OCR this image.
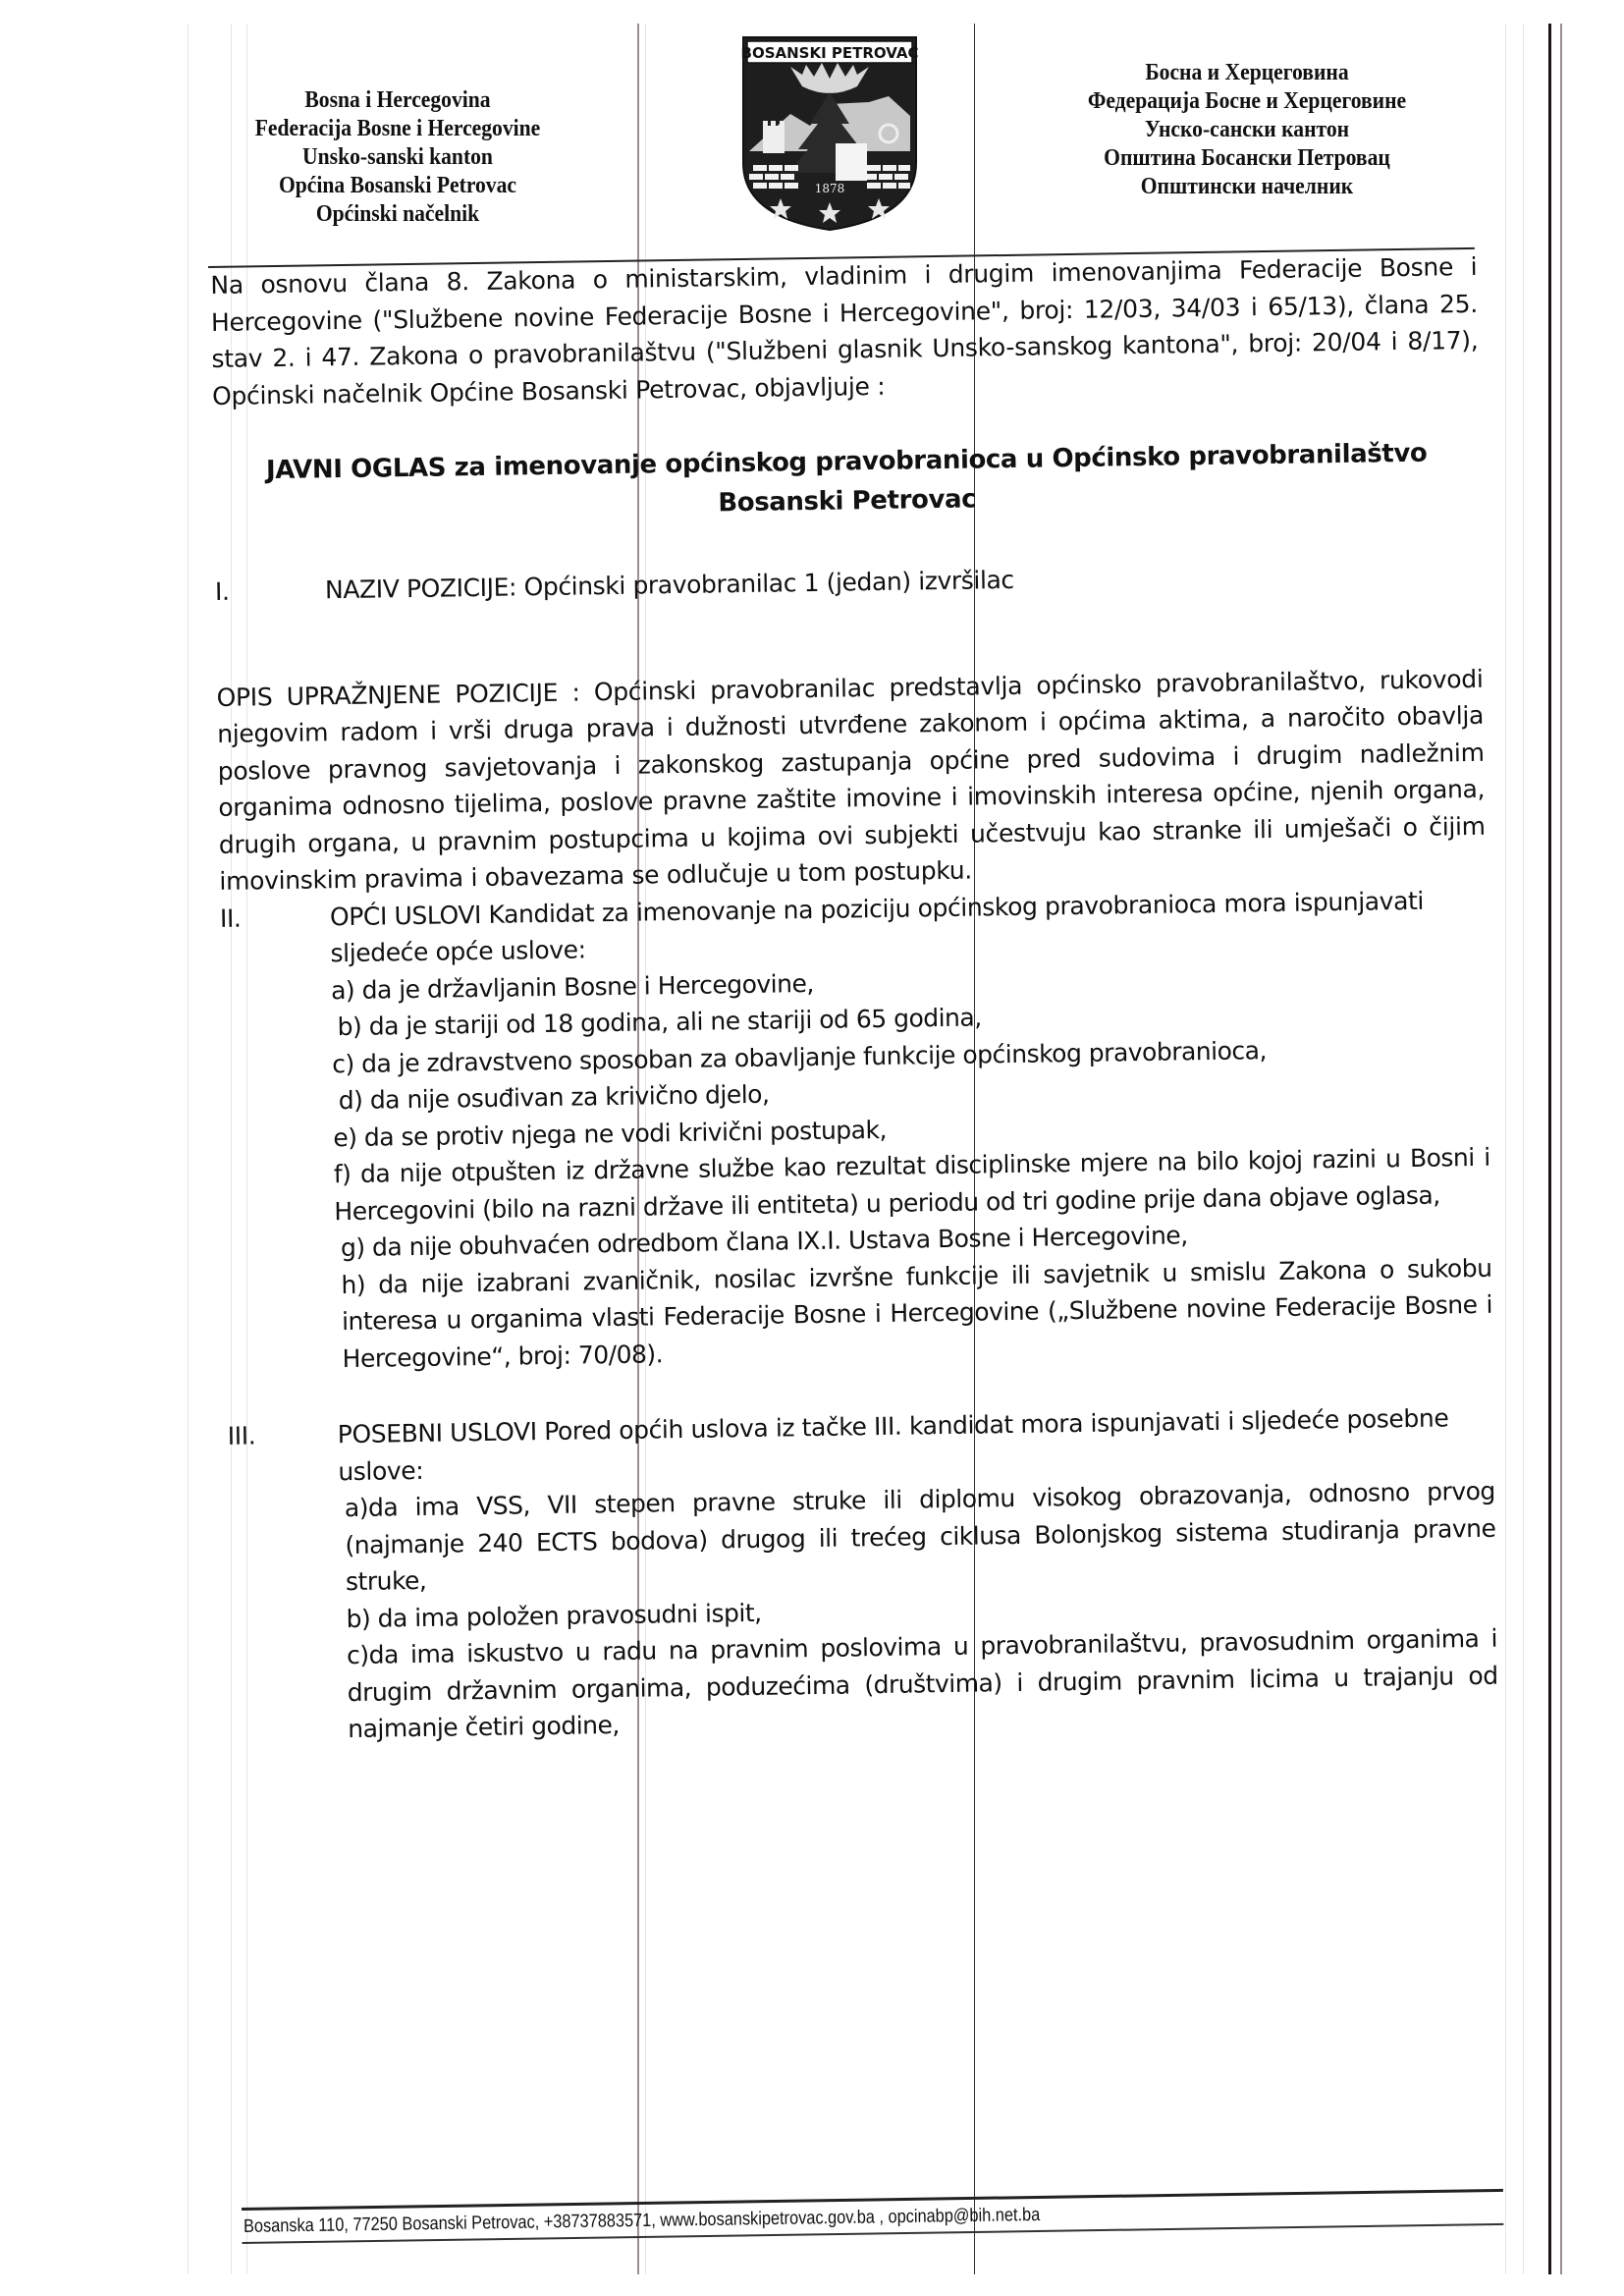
Bosna i Hercegovina
Federacija Bosne i Hercegovine
Unsko-sanski kanton
Općina Bosanski Petrovac
Općinski načelnik
BOSANSKI PETROVAC
1878
Босна и Херцеговина
Федерација Босне и Херцеговине
Унско-сански кантон
Општина Босански Петровац
Општински начелник
Na osnovu člana 8. Zakona o ministarskim, vladinim i drugim imenovanjima Federacije Bosne i Hercegovine ("Službene novine Federacije Bosne i Hercegovine", broj: 12/03, 34/03 i 65/13), člana 25. stav 2. i 47. Zakona o pravobranilaštvu ("Službeni glasnik Unsko-sanskog kantona", broj: 20/04 i 8/17), Općinski načelnik Općine Bosanski Petrovac, objavljuje :
JAVNI OGLAS za imenovanje općinskog pravobranioca u Općinsko pravobranilaštvo
Bosanski Petrovac
I.	NAZIV POZICIJE: Općinski pravobranilac 1 (jedan) izvršilac
OPIS UPRAŽNJENE POZICIJE : Općinski pravobranilac predstavlja općinsko pravobranilaštvo, rukovodi njegovim radom i vrši druga prava i dužnosti utvrđene zakonom i općima aktima, a naročito obavlja poslove pravnog savjetovanja i zakonskog zastupanja općine pred sudovima i drugim nadležnim organima odnosno tijelima, poslove pravne zaštite imovine i imovinskih interesa općine, njenih organa, drugih organa, u pravnim postupcima u kojima ovi subjekti učestvuju kao stranke ili umješači o čijim imovinskim pravima i obavezama se odlučuje u tom postupku.
II.	OPĆI USLOVI Kandidat za imenovanje na poziciju općinskog pravobranioca mora ispunjavati sljedeće opće uslove:
a) da je državljanin Bosne i Hercegovine,
b) da je stariji od 18 godina, ali ne stariji od 65 godina,
c) da je zdravstveno sposoban za obavljanje funkcije općinskog pravobranioca,
d) da nije osuđivan za krivično djelo,
e) da se protiv njega ne vodi krivični postupak,
f) da nije otpušten iz državne službe kao rezultat disciplinske mjere na bilo kojoj razini u Bosni i Hercegovini (bilo na razni države ili entiteta) u periodu od tri godine prije dana objave oglasa,
g) da nije obuhvaćen odredbom člana IX.I. Ustava Bosne i Hercegovine,
h) da nije izabrani zvaničnik, nosilac izvršne funkcije ili savjetnik u smislu Zakona o sukobu interesa u organima vlasti Federacije Bosne i Hercegovine („Službene novine Federacije Bosne i Hercegovine“, broj: 70/08).
III.	POSEBNI USLOVI Pored općih uslova iz tačke III. kandidat mora ispunjavati i sljedeće posebne uslove:
a)da ima VSS, VII stepen pravne struke ili diplomu visokog obrazovanja, odnosno prvog (najmanje 240 ECTS bodova) drugog ili trećeg ciklusa Bolonjskog sistema studiranja pravne struke,
b) da ima položen pravosudni ispit,
c)da ima iskustvo u radu na pravnim poslovima u pravobranilaštvu, pravosudnim organima i drugim državnim organima, poduzećima (društvima) i drugim pravnim licima u trajanju od najmanje četiri godine,
Bosanska 110, 77250 Bosanski Petrovac, +38737883571, www.bosanskipetrovac.gov.ba , opcinabp@bih.net.ba
